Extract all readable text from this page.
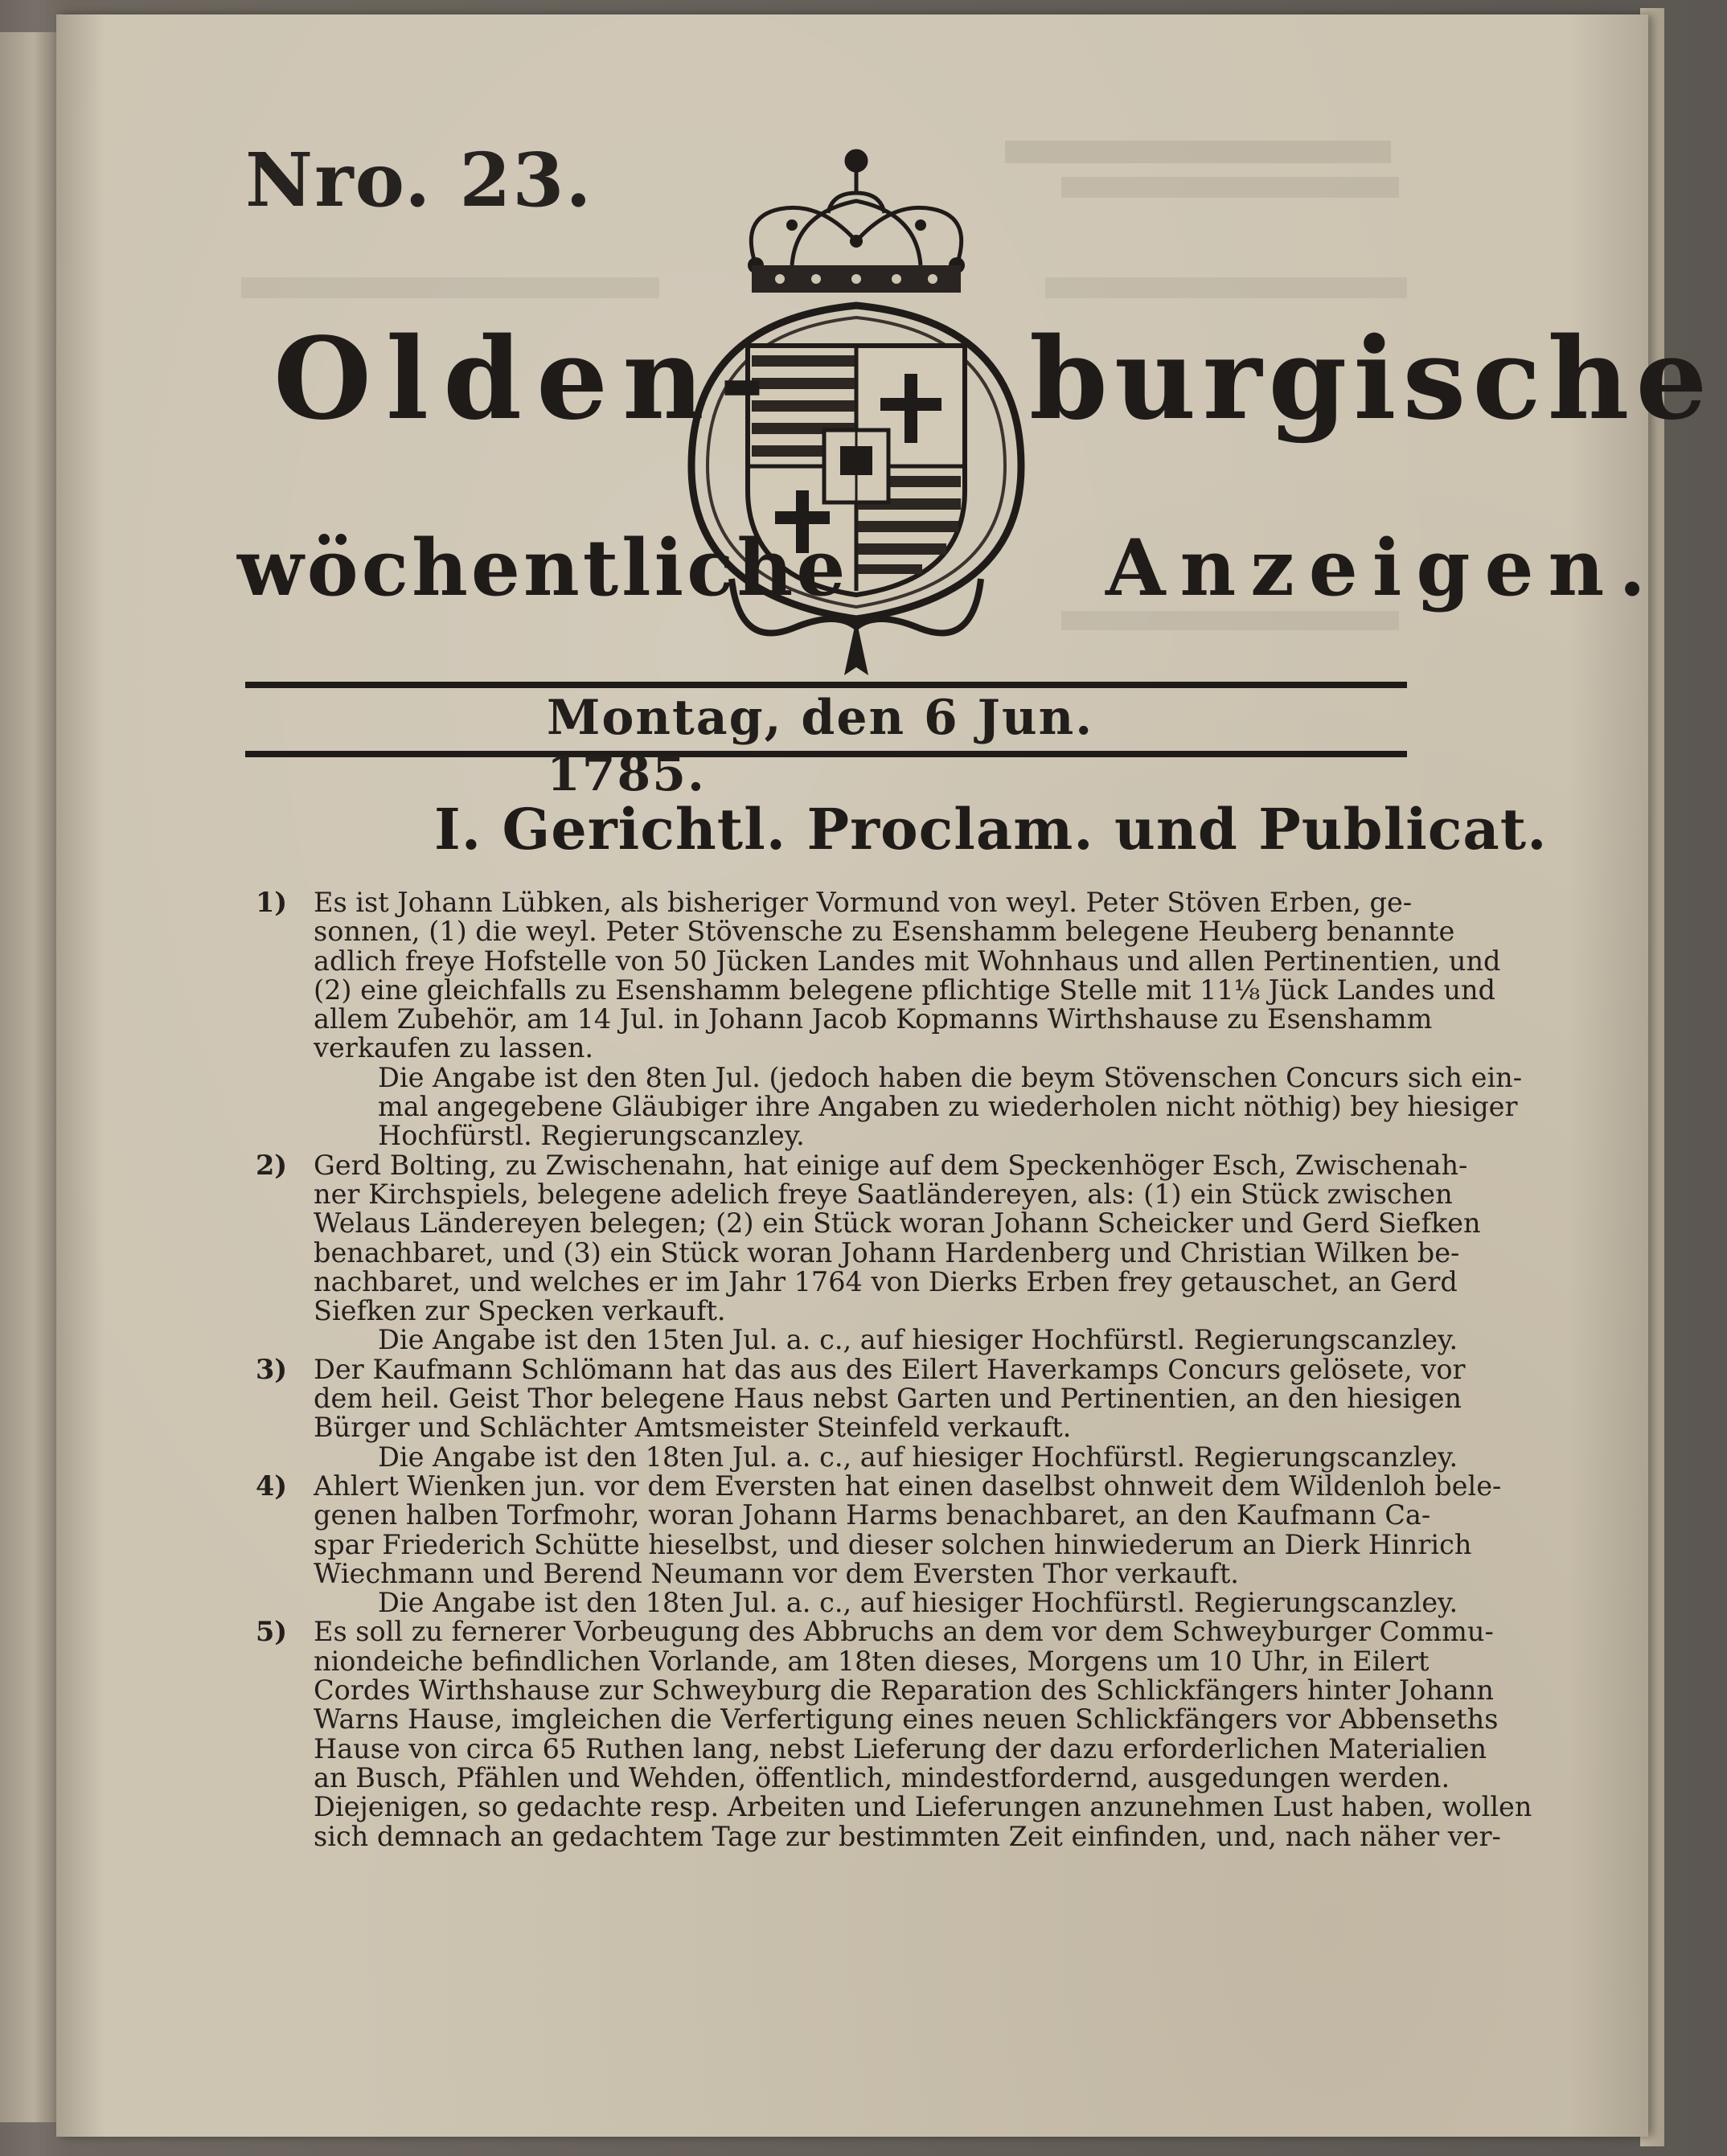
Nro. 23.
Olden- burgische
wöchentliche	Anzeigen.
Montag, den 6 Jun. 1785.
I. Gerichtl. Proclam. und Publicat.
1) Es ist Johann Lübken, als bisheriger Vormund von weyl. Peter Stöven Erben, ge-
sonnen, (1) die weyl. Peter Stövensche zu Esenshamm belegene Heuberg benannte
adlich freye Hofstelle von 50 Jücken Landes mit Wohnhaus und allen Pertinentien, und
(2) eine gleichfalls zu Esenshamm belegene pflichtige Stelle mit 11⅛ Jück Landes und
allem Zubehör, am 14 Jul. in Johann Jacob Kopmanns Wirthshause zu Esenshamm
verkaufen zu lassen.
Die Angabe ist den 8ten Jul. (jedoch haben die beym Stövenschen Concurs sich ein-
mal angegebene Gläubiger ihre Angaben zu wiederholen nicht nöthig) bey hiesiger
Hochfürstl. Regierungscanzley.
2) Gerd Bolting, zu Zwischenahn, hat einige auf dem Speckenhöger Esch, Zwischenah-
ner Kirchspiels, belegene adelich freye Saatländereyen, als: (1) ein Stück zwischen
Welaus Ländereyen belegen; (2) ein Stück woran Johann Scheicker und Gerd Siefken
benachbaret, und (3) ein Stück woran Johann Hardenberg und Christian Wilken be-
nachbaret, und welches er im Jahr 1764 von Dierks Erben frey getauschet, an Gerd
Siefken zur Specken verkauft.
Die Angabe ist den 15ten Jul. a. c., auf hiesiger Hochfürstl. Regierungscanzley.
3) Der Kaufmann Schlömann hat das aus des Eilert Haverkamps Concurs gelösete, vor
dem heil. Geist Thor belegene Haus nebst Garten und Pertinentien, an den hiesigen
Bürger und Schlächter Amtsmeister Steinfeld verkauft.
Die Angabe ist den 18ten Jul. a. c., auf hiesiger Hochfürstl. Regierungscanzley.
4) Ahlert Wienken jun. vor dem Eversten hat einen daselbst ohnweit dem Wildenloh bele-
genen halben Torfmohr, woran Johann Harms benachbaret, an den Kaufmann Ca-
spar Friederich Schütte hieselbst, und dieser solchen hinwiederum an Dierk Hinrich
Wiechmann und Berend Neumann vor dem Eversten Thor verkauft.
Die Angabe ist den 18ten Jul. a. c., auf hiesiger Hochfürstl. Regierungscanzley.
5) Es soll zu fernerer Vorbeugung des Abbruchs an dem vor dem Schweyburger Commu-
niondeiche befindlichen Vorlande, am 18ten dieses, Morgens um 10 Uhr, in Eilert
Cordes Wirthshause zur Schweyburg die Reparation des Schlickfängers hinter Johann
Warns Hause, imgleichen die Verfertigung eines neuen Schlickfängers vor Abbenseths
Hause von circa 65 Ruthen lang, nebst Lieferung der dazu erforderlichen Materialien
an Busch, Pfählen und Wehden, öffentlich, mindestfordernd, ausgedungen werden.
Diejenigen, so gedachte resp. Arbeiten und Lieferungen anzunehmen Lust haben, wollen
sich demnach an gedachtem Tage zur bestimmten Zeit einfinden, und, nach näher ver-
